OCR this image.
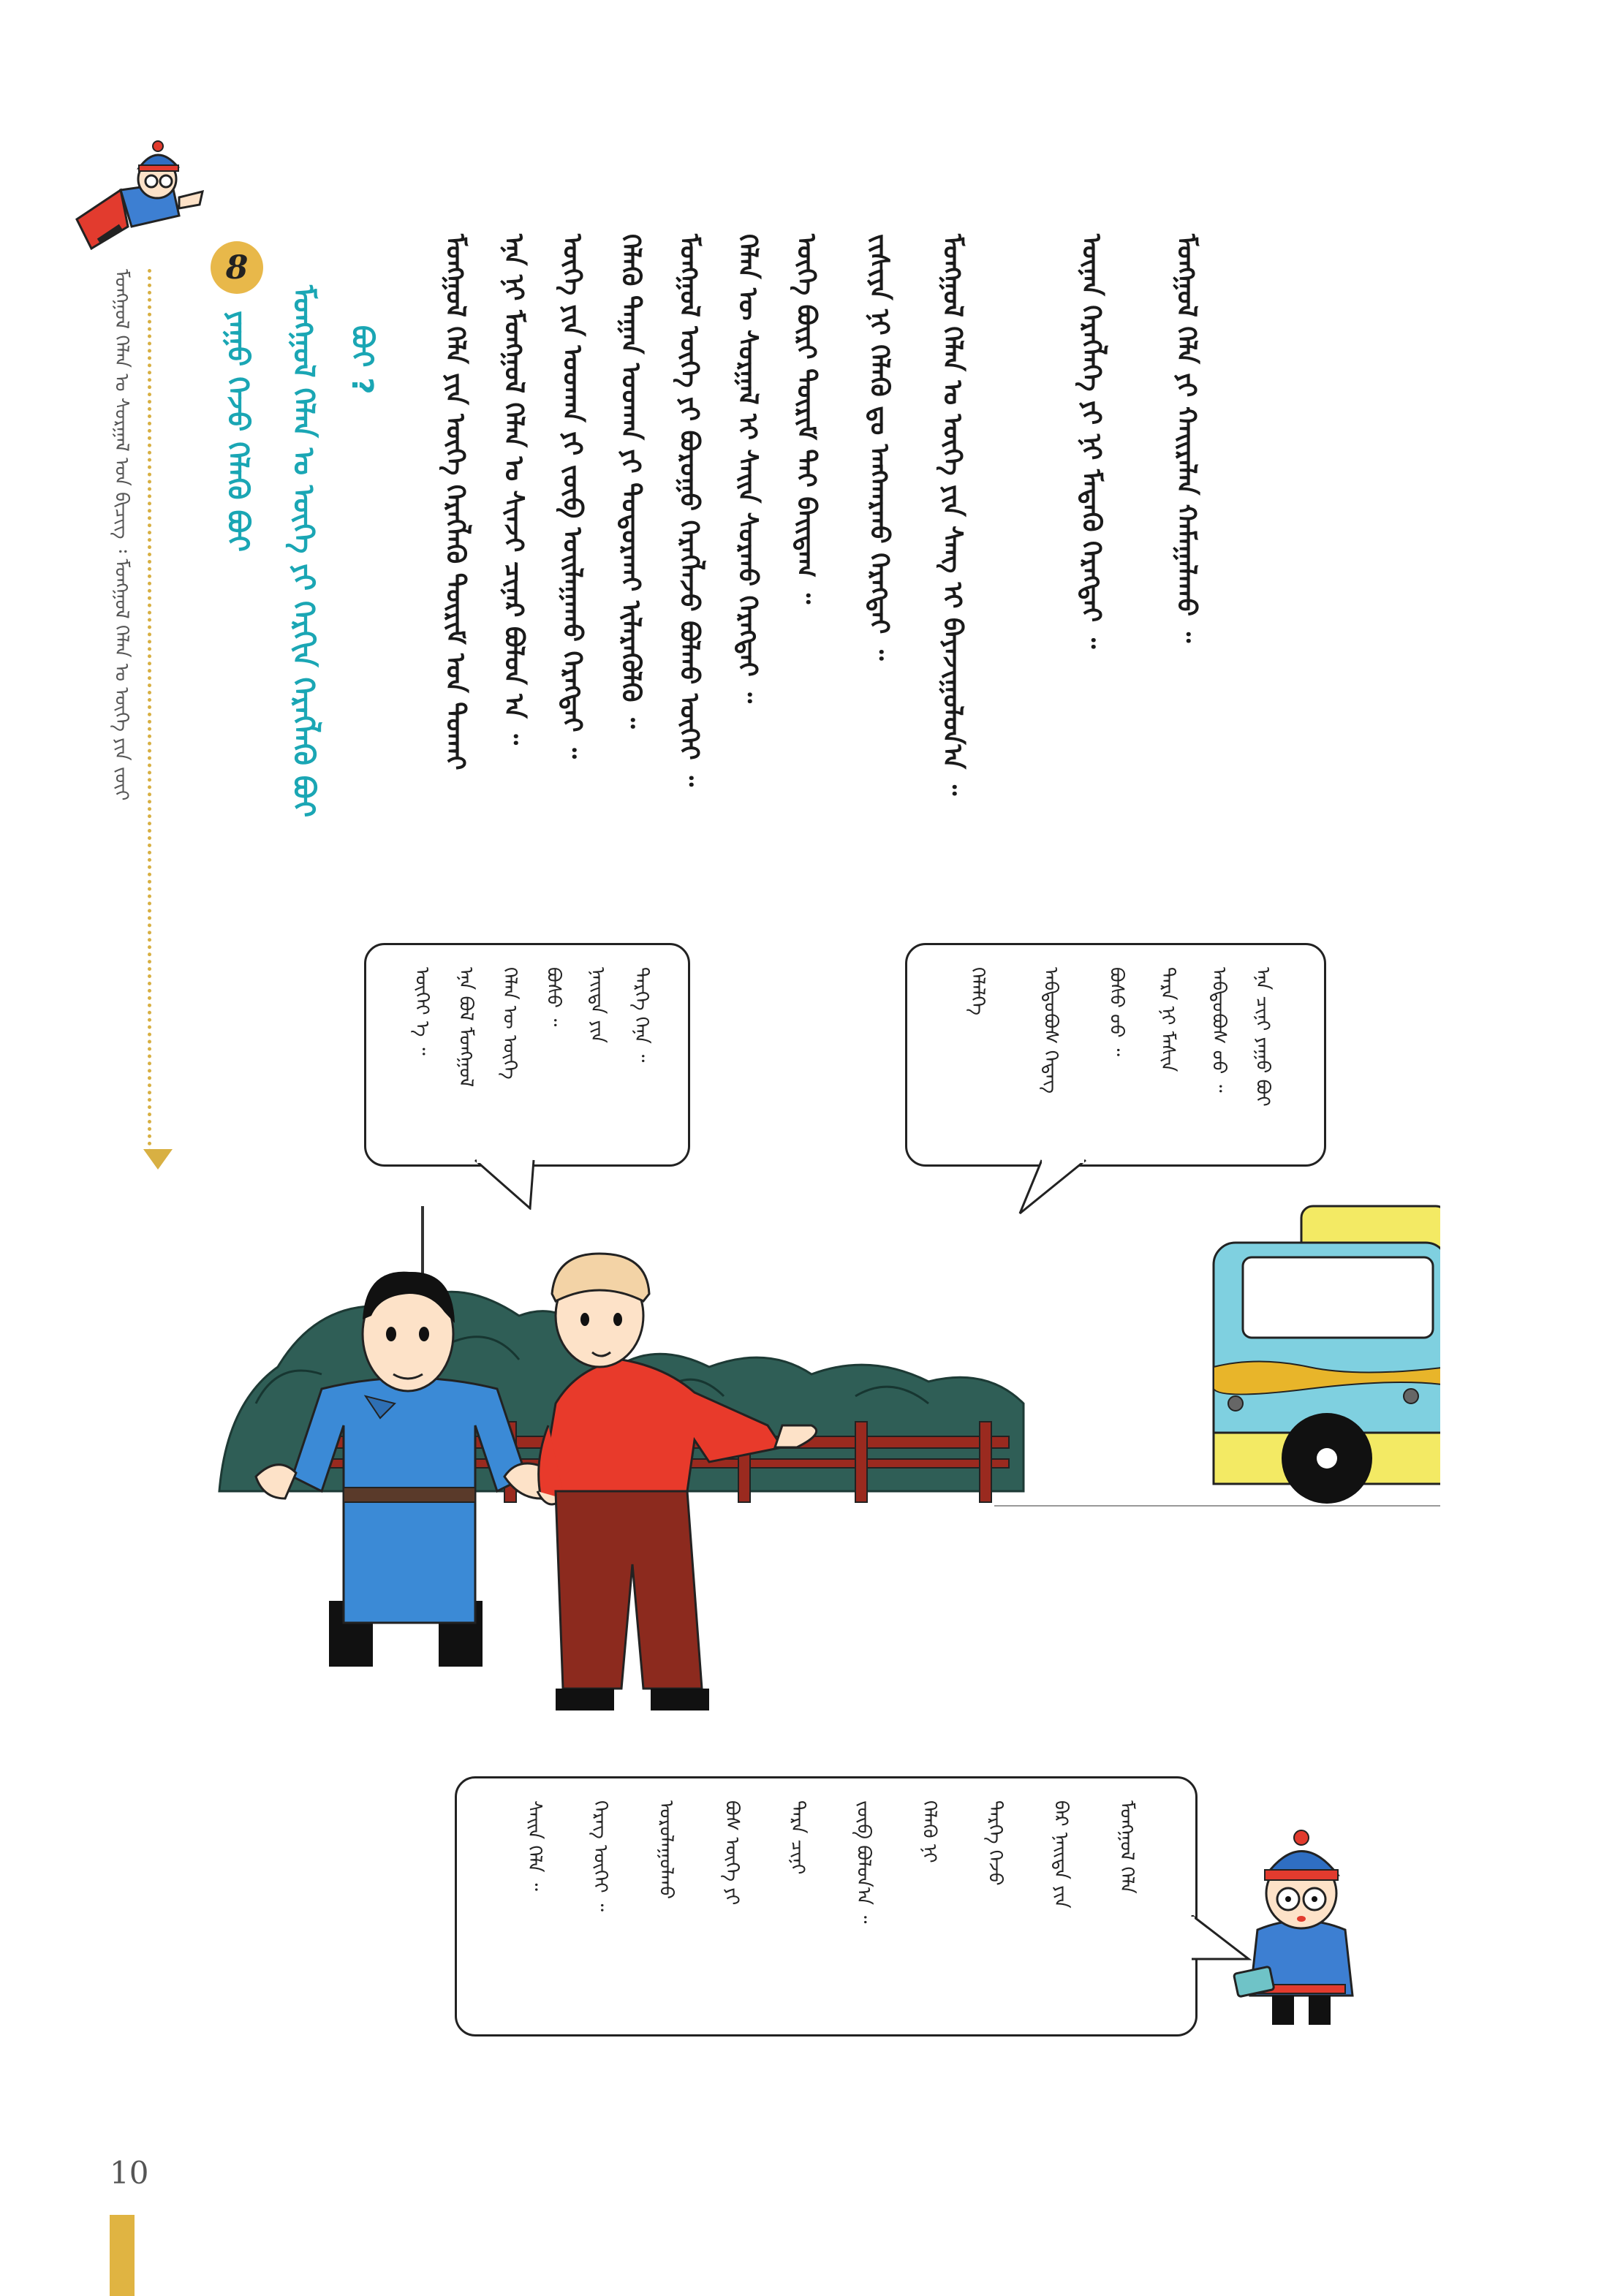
ᠮᠣᠩᠭᠣᠯ ᠬᠡᠯᠡᠨ ᠤ ᠰᠤᠷᠭᠠᠯ ᠤᠨ ᠪᠢᠴᠢᠭ ᠄ ᠮᠣᠩᠭᠣᠯ ᠬᠡᠯᠡᠨ ᠤ ᠦᠭᠡ ᠶᠢᠨ ᠵᠦᠢ
8
ᠶᠠᠭᠤ ᠭᠡᠵᠦ ᠬᠡᠯᠡᠬᠦ ᠪᠤᠢ	ᠮᠣᠩᠭᠣᠯ ᠬᠡᠯᠡᠨ ᠤ ᠦᠭᠡ ᠶᠢ ᠬᠡᠷᠬᠢᠨ ᠬᠡᠷᠡᠭᠯᠡᠬᠦ ᠪᠤᠢ ᠪᠤᠢ ?	ᠮᠣᠩᠭᠣᠯ ᠬᠡᠯᠡ ᠶᠢᠨ ᠦᠭᠡ ᠬᠡᠷᠡᠭᠯᠡᠬᠦ ᠳᠦᠷᠢᠮ ᠤᠨ ᠲᠤᠬᠠᠢ	ᠡᠨᠡ ᠨᠢ ᠮᠣᠩᠭᠣᠯ ᠬᠡᠯᠡᠨ ᠤ ᠰᠢᠨᠵᠢ ᠴᠢᠨᠠᠷ ᠪᠣᠯᠤᠨ ᠠ ᠃	ᠦᠭᠡ ᠶᠢᠨ ᠤᠳᠬᠠ ᠶᠢ ᠵᠥᠪ ᠣᠢᠯᠠᠭᠠᠬᠤ ᠬᠡᠷᠡᠭᠲᠡᠢ ᠃	ᠬᠡᠯᠡᠬᠦ ᠳᠠᠭᠠᠨ ᠤᠳᠬᠠ ᠶᠢ ᠲᠣᠳᠣᠷᠬᠠᠢ ᠢᠯᠡᠷᠡᠭᠦᠯᠬᠦ ᠃	ᠮᠣᠩᠭᠣᠯ ᠦᠭᠡ ᠶᠢ ᠪᠤᠷᠤᠭᠤ ᠬᠡᠷᠡᠭᠯᠡᠵᠦ ᠪᠣᠯᠬᠤ ᠦᠭᠡᠢ ᠃	ᠬᠡᠯᠡᠨ ᠦ ᠰᠤᠷᠭᠠᠯ ᠢ ᠰᠠᠢᠨ ᠰᠤᠷᠬᠤ ᠬᠡᠷᠡᠭᠲᠡᠢ ᠃	ᠦᠭᠡ ᠪᠦᠷᠢ ᠳᠦᠷᠢᠮ ᠲᠡᠢ ᠪᠠᠢᠳᠠᠭ ᠃	ᠵᠢᠱᠢᠶᠡ ᠨᠢ ᠬᠡᠯᠡᠬᠦ ᠳᠤ ᠠᠩᠬᠠᠷᠬᠤ ᠬᠡᠷᠡᠭᠲᠡᠢ ᠃	ᠮᠣᠩᠭᠣᠯ ᠬᠡᠯᠡᠨ ᠤ ᠦᠭᠡ ᠶᠢᠨ ᠰᠠᠩ ᠢ ᠪᠠᠶᠠᠵᠢᠭᠤᠯᠤᠨ᠎ᠠ ᠃	ᠦᠨᠡᠨ ᠬᠡᠷᠡᠭᠯᠡᠭᠡ ᠶᠢ ᠨᠢ ᠮᠡᠳᠡᠬᠦ ᠬᠡᠷᠡᠭᠲᠡᠢ ᠃	ᠮᠣᠩᠭᠣᠯ ᠬᠡᠯᠡ ᠶᠢ ᠬᠠᠢᠷᠠᠯᠠᠨ ᠬᠠᠮᠠᠭᠠᠯᠠᠬᠤ ᠃
ᠦᠭᠡᠢ ᠡ ᠃	ᠡᠨᠡ ᠪᠣᠯ ᠮᠣᠩᠭᠣᠯ	ᠬᠡᠯᠡᠨ ᠦ ᠦᠭᠡ	ᠪᠤᠰᠤ ᠃	ᠨᠡᠢᠲᠡ ᠶᠢᠨ	ᠲᠡᠷᠭᠡ ᠭᠡᠨᠡ ᠃	ᠡᠨᠡ ᠴᠢᠨᠢ ᠶᠠᠭᠤ ᠪᠤᠢ
ᠠᠪᠲᠣᠪᠦᠰ ᠤᠤ ᠃
ᠲᠡᠷᠡ ᠨᠢ ᠮᠠᠰᠢᠨ
ᠪᠤᠰᠤ ᠦᠦ ᠃
ᠠᠪᠲᠣᠪᠦᠰ ᠭᠡᠳᠡᠭ
ᠬᠡᠯᠡᠯᠭᠡ
ᠮᠣᠩᠭᠣᠯ ᠬᠡᠯᠡ
ᠪᠡᠷ ᠨᠡᠢᠲᠡ ᠶᠢᠨ
ᠲᠡᠷᠭᠡ ᠭᠡᠵᠦ
ᠬᠡᠯᠡᠬᠦ ᠨᠢ
ᠵᠥᠪ ᠪᠣᠯᠤᠨ᠎ᠠ ᠃
ᠲᠡᠷᠡ ᠴᠢᠨᠢ
ᠪᠤᠰ ᠦᠭᠡ ᠶᠢ
ᠣᠷᠣᠯᠠᠭᠤᠯᠬᠤ
ᠬᠡᠷᠡᠭ ᠦᠭᠡᠢ ᠃
ᠰᠠᠢᠨ ᠬᠡᠯᠡ ᠃
10
